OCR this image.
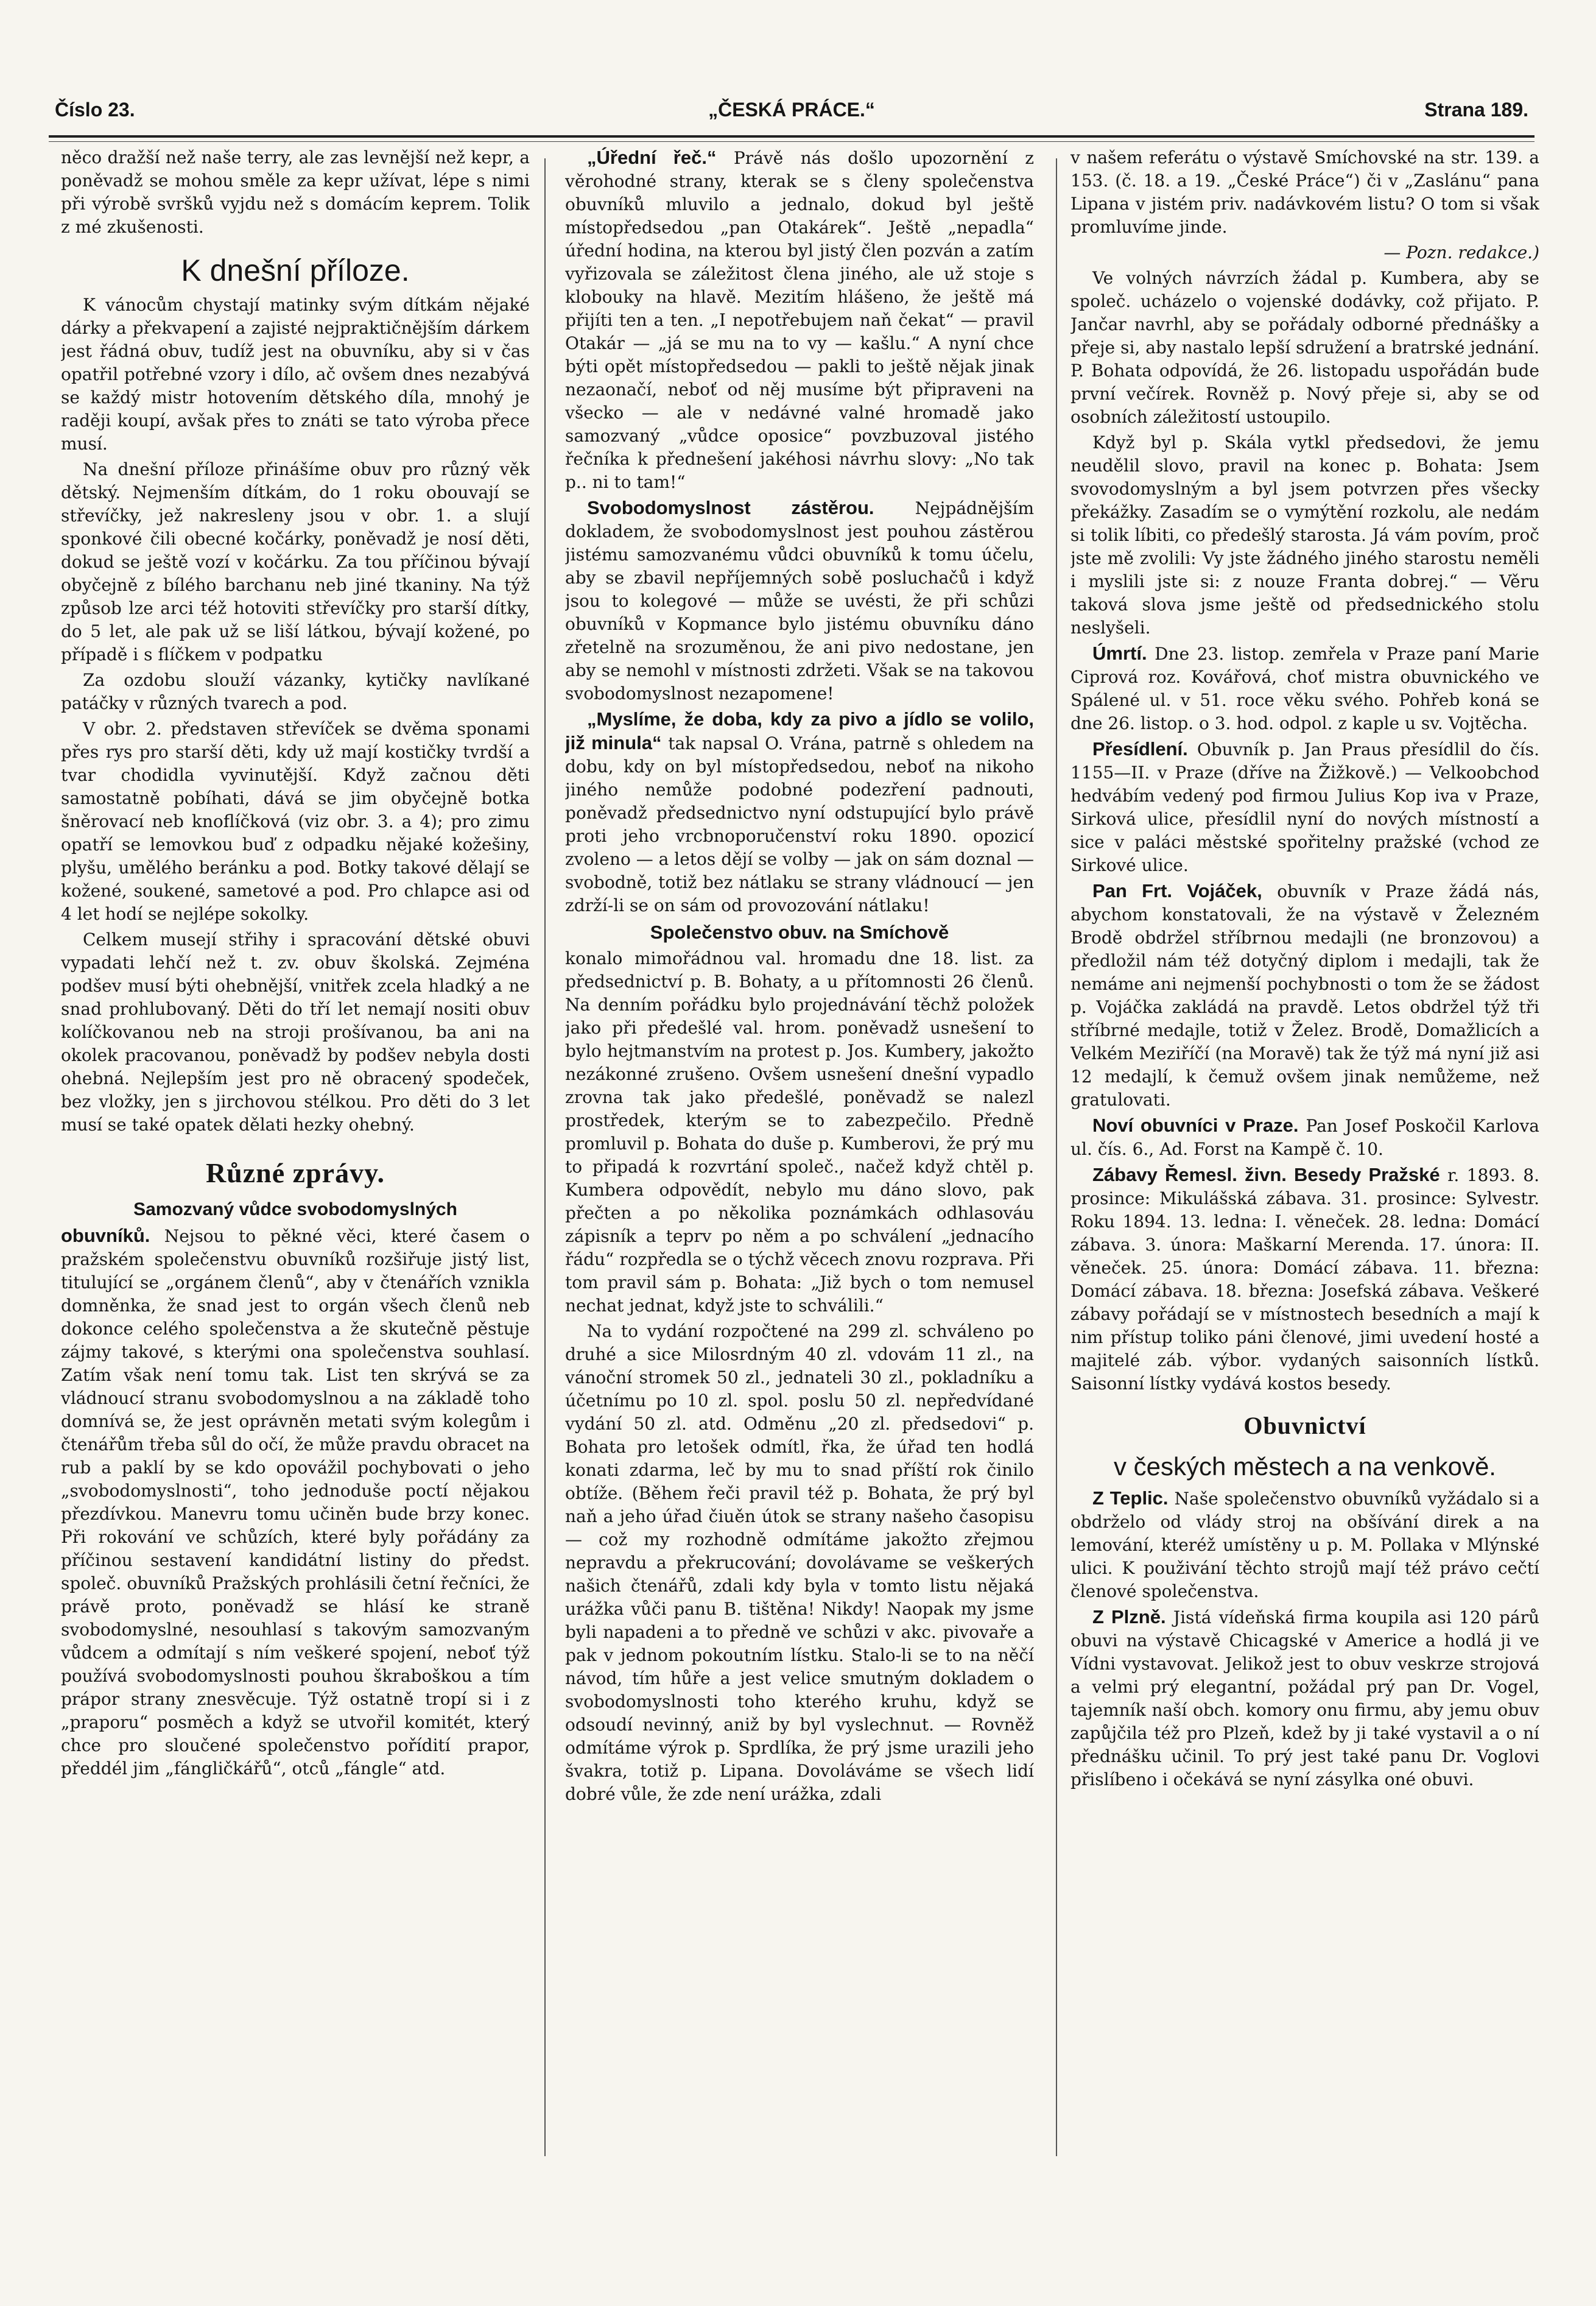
Číslo 23.	„ČESKÁ PRÁCE.“	Strana 189.

něco dražší než naše terry, ale zas levnější než kepr, a poněvadž se mohou směle za kepr užívat, lépe s nimi při výrobě svršků vyjdu než s domácím keprem. Tolik z mé zkušenosti.

K dnešní příloze.

K vánocům chystají matinky svým dítkám nějaké dárky a překvapení a zajisté nejpraktičnějším dárkem jest řádná obuv, tudíž jest na obuvníku, aby si v čas opatřil potřebné vzory i dílo, ač ovšem dnes nezabývá se každý mistr hotovením dětského díla, mnohý je raději koupí, avšak přes to znáti se tato výroba přece musí.

Na dnešní příloze přinášíme obuv pro různý věk dětský. Nejmenším dítkám, do 1 roku obouvají se střevíčky, jež nakresleny jsou v obr. 1. a slují sponkové čili obecné kočárky, poněvadž je nosí děti, dokud se ještě vozí v kočárku. Za tou příčinou bývají obyčejně z bílého barchanu neb jiné tkaniny. Na týž způsob lze arci též hotoviti střevíčky pro starší dítky, do 5 let, ale pak už se liší látkou, bývají kožené, po případě i s flíčkem v podpatku

Za ozdobu slouží vázanky, kytičky navlíkané patáčky v různých tvarech a pod.

V obr. 2. představen střevíček se dvěma sponami přes rys pro starší děti, kdy už mají kostičky tvrdší a tvar chodidla vyvinutější. Když začnou děti samostatně pobíhati, dává se jim obyčejně botka šněrovací neb knoflíčková (viz obr. 3. a 4); pro zimu opatří se lemovkou buď z odpadku nějaké kožešiny, plyšu, umělého beránku a pod. Botky takové dělají se kožené, soukené, sametové a pod. Pro chlapce asi od 4 let hodí se nejlépe sokolky.

Celkem musejí střihy i spracování dětské obuvi vypadati lehčí než t. zv. obuv školská. Zejména podšev musí býti ohebnější, vnitřek zcela hladký a ne snad prohlubovaný. Děti do tří let nemají nositi obuv kolíčkovanou neb na stroji prošívanou, ba ani na okolek pracovanou, poněvadž by podšev nebyla dosti ohebná. Nejlepším jest pro ně obracený spodeček, bez vložky, jen s jirchovou stélkou. Pro děti do 3 let musí se také opatek dělati hezky ohebný.

Různé zprávy.
Samozvaný vůdce svobodomyslných

obuvníků. Nejsou to pěkné věci, které časem o pražském společenstvu obuvníků rozšiřuje jistý list, titulující se „orgánem členů“, aby v čtenářích vznikla domněnka, že snad jest to orgán všech členů neb dokonce celého společenstva a že skutečně pěstuje zájmy takové, s kterými ona společenstva souhlasí. Zatím však není tomu tak. List ten skrývá se za vládnoucí stranu svobodomyslnou a na základě toho domnívá se, že jest oprávněn metati svým kolegům i čtenářům třeba sůl do očí, že může pravdu obracet na rub a paklí by se kdo opovážil pochybovati o jeho „svobodomyslnosti“, toho jednoduše poctí nějakou přezdívkou. Manevru tomu učiněn bude brzy konec. Při rokování ve schůzích, které byly pořádány za příčinou sestavení kandidátní listiny do předst. společ. obuvníků Pražských prohlásili četní řečníci, že právě proto, poněvadž se hlásí ke straně svobodomyslné, nesouhlasí s takovým samozvaným vůdcem a odmítají s ním veškeré spojení, neboť týž používá svobodomyslnosti pouhou škraboškou a tím prápor strany znesvěcuje. Týž ostatně tropí si i z „praporu“ posměch a když se utvořil komitét, který chce pro sloučené společenstvo pořídití prapor, předdél jim „fángličkářů“, otců „fángle“ atd.

„Úřední řeč.“ Právě nás došlo upozornění z věrohodné strany, kterak se s členy společenstva obuvníků mluvilo a jednalo, dokud byl ještě místopředsedou „pan Otakárek“. Ještě „nepadla“ úřední hodina, na kterou byl jistý člen pozván a zatím vyřizovala se záležitost člena jiného, ale už stoje s klobouky na hlavě. Mezitím hlášeno, že ještě má přijíti ten a ten. „I nepotřebujem naň čekat“ — pravil Otakár — „já se mu na to vy — kašlu.“ A nyní chce býti opět místopředsedou — pakli to ještě nějak jinak nezaonačí, neboť od něj musíme být připraveni na všecko — ale v nedávné valné hromadě jako samozvaný „vůdce oposice“ povzbuzoval jistého řečníka k přednešení jakéhosi návrhu slovy: „No tak p.. ni to tam!“

Svobodomyslnost zástěrou. Nejpádnějším dokladem, že svobodomyslnost jest pouhou zástěrou jistému samozvanému vůdci obuvníků k tomu účelu, aby se zbavil nepříjemných sobě posluchačů i když jsou to kolegové — může se uvésti, že při schůzi obuvníků v Kopmance bylo jistému obuvníku dáno zřetelně na srozuměnou, že ani pivo nedostane, jen aby se nemohl v místnosti zdržeti. Však se na takovou svobodomyslnost nezapomene!

„Myslíme, že doba, kdy za pivo a jídlo se volilo, již minula“ tak napsal O. Vrána, patrně s ohledem na dobu, kdy on byl místopředsedou, neboť na nikoho jiného nemůže podobné podezření padnouti, poněvadž předsednictvo nyní odstupující bylo právě proti jeho vrcbnoporučenství roku 1890. opozicí zvoleno — a letos dějí se volby — jak on sám doznal — svobodně, totiž bez nátlaku se strany vládnoucí — jen zdrží-li se on sám od provozování nátlaku!

Společenstvo obuv. na Smíchově

konalo mimořádnou val. hromadu dne 18. list. za předsednictví p. B. Bohaty, a u přítomnosti 26 členů. Na denním pořádku bylo projednávání těchž položek jako při předešlé val. hrom. poněvadž usnešení to bylo hejtmanstvím na protest p. Jos. Kumbery, jakožto nezákonné zrušeno. Ovšem usnešení dnešní vypadlo zrovna tak jako předešlé, poněvadž se nalezl prostředek, kterým se to zabezpečilo. Předně promluvil p. Bohata do duše p. Kumberovi, že prý mu to připadá k rozvrtání společ., načež když chtěl p. Kumbera odpovědít, nebylo mu dáno slovo, pak přečten a po několika poznámkách odhlasováu zápisník a teprv po něm a po schválení „jednacího řádu“ rozpředla se o týchž věcech znovu rozprava. Při tom pravil sám p. Bohata: „Již bych o tom nemusel nechat jednat, když jste to schválili.“

Na to vydání rozpočtené na 299 zl. schváleno po druhé a sice Milosrdným 40 zl. vdovám 11 zl., na vánoční stromek 50 zl., jednateli 30 zl., pokladníku a účetnímu po 10 zl. spol. poslu 50 zl. nepředvídané vydání 50 zl. atd. Odměnu „20 zl. předsedovi“ p. Bohata pro letošek odmítl, řka, že úřad ten hodlá konati zdarma, leč by mu to snad příští rok činilo obtíže. (Během řeči pravil též p. Bohata, že prý byl naň a jeho úřad čiuěn útok se strany našeho časopisu — což my rozhodně odmítáme jakožto zřejmou nepravdu a překrucování; dovolávame se veškerých našich čtenářů, zdali kdy byla v tomto listu nějaká urážka vůči panu B. tištěna! Nikdy! Naopak my jsme byli napadeni a to předně ve schůzi v akc. pivovaře a pak v jednom pokoutním lístku. Stalo-li se to na něčí návod, tím hůře a jest velice smutným dokladem o svobodomyslnosti toho kterého kruhu, když se odsoudí nevinný, aniž by byl vyslechnut. — Rovněž odmítáme výrok p. Sprdlíka, že prý jsme urazili jeho švakra, totiž p. Lipana. Dovoláváme se všech lidí dobré vůle, že zde není urážka, zdali

v našem referátu o výstavě Smíchovské na str. 139. a 153. (č. 18. a 19. „České Práce“) či v „Zaslánu“ pana Lipana v jistém priv. nadávkovém listu? O tom si však promluvíme jinde.

— Pozn. redakce.)

Ve volných návrzích žádal p. Kumbera, aby se společ. ucházelo o vojenské dodávky, což přijato. P. Jančar navrhl, aby se pořádaly odborné přednášky a přeje si, aby nastalo lepší sdružení a bratrské jednání. P. Bohata odpovídá, že 26. listopadu uspořádán bude první večírek. Rovněž p. Nový přeje si, aby se od osobních záležitostí ustoupilo.

Když byl p. Skála vytkl předsedovi, že jemu neudělil slovo, pravil na konec p. Bohata: Jsem svovodomyslným a byl jsem potvrzen přes všecky překážky. Zasadím se o vymýtění rozkolu, ale nedám si tolik líbiti, co předešlý starosta. Já vám povím, proč jste mě zvolili: Vy jste žádného jiného starostu neměli i myslili jste si: z nouze Franta dobrej.“ — Věru taková slova jsme ještě od předsednického stolu neslyšeli.

Úmrtí. Dne 23. listop. zemřela v Praze paní Marie Ciprová roz. Kovářová, choť mistra obuvnického ve Spálené ul. v 51. roce věku svého. Pohřeb koná se dne 26. listop. o 3. hod. odpol. z kaple u sv. Vojtěcha.

Přesídlení. Obuvník p. Jan Praus přesídlil do čís. 1155—II. v Praze (dříve na Žižkově.) — Velkoobchod hedvábím vedený pod firmou Julius Kop iva v Praze, Sirková ulice, přesídlil nyní do nových místností a sice v paláci městské spořitelny pražské (vchod ze Sirkové ulice.

Pan Frt. Vojáček, obuvník v Praze žádá nás, abychom konstatovali, že na výstavě v Železném Brodě obdržel stříbrnou medajli (ne bronzovou) a předložil nám též dotyčný diplom i medajli, tak že nemáme ani nejmenší pochybnosti o tom že se žádost p. Vojáčka zakládá na pravdě. Letos obdržel týž tři stříbrné medajle, totiž v Želez. Brodě, Domažlicích a Velkém Meziříčí (na Moravě) tak že týž má nyní již asi 12 medajlí, k čemuž ovšem jinak nemůžeme, než gratulovati.

Noví obuvníci v Praze. Pan Josef Poskočil Karlova ul. čís. 6., Ad. Forst na Kampě č. 10.

Zábavy Řemesl. živn. Besedy Pražské r. 1893. 8. prosince: Mikulášská zábava. 31. prosince: Sylvestr. Roku 1894. 13. ledna: I. věneček. 28. ledna: Domácí zábava. 3. února: Maškarní Merenda. 17. února: II. věneček. 25. února: Domácí zábava. 11. března: Domácí zábava. 18. března: Josefská zábava. Veškeré zábavy pořádají se v místnostech besedních a mají k nim přístup toliko páni členové, jimi uvedení hosté a majitelé záb. výbor. vydaných saisonních lístků. Saisonní lístky vydává kostos besedy.

Obuvnictví
v českých městech a na venkově.

Z Teplic. Naše společenstvo obuvníků vyžádalo si a obdrželo od vlády stroj na obšívání direk a na lemování, kteréž umístěny u p. M. Pollaka v Mlýnské ulici. K použivání těchto strojů mají též právo cečtí členové společenstva.

Z Plzně. Jistá vídeňská firma koupila asi 120 párů obuvi na výstavě Chicagské v Americe a hodlá ji ve Vídni vystavovat. Jelikož jest to obuv veskrze strojová a velmi prý elegantní, požádal prý pan Dr. Vogel, tajemník naší obch. komory onu firmu, aby jemu obuv zapůjčila též pro Plzeň, kdež by ji také vystavil a o ní přednášku učinil. To prý jest také panu Dr. Voglovi přislíbeno i očekává se nyní zásylka oné obuvi.
